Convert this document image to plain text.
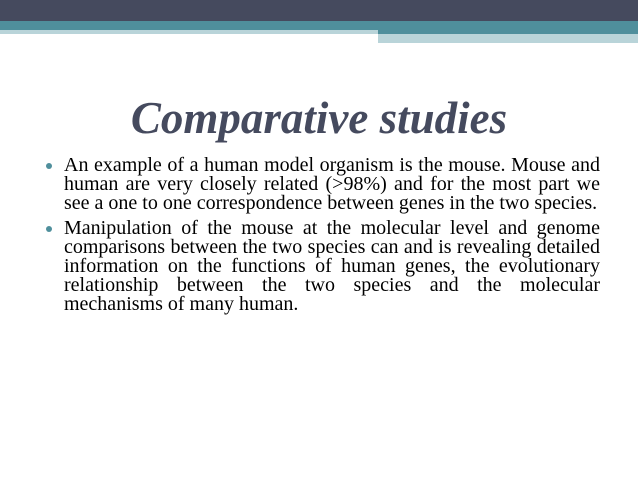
Comparative studies
An example of a human model organism is the mouse. Mouse and human are very closely related (>98%) and for the most part we see a one to one correspondence between genes in the two species.
Manipulation of the mouse at the molecular level and genome comparisons between the two species can and is revealing detailed information on the functions of human genes, the evolutionary relationship between the two species and the molecular mechanisms of many human.
